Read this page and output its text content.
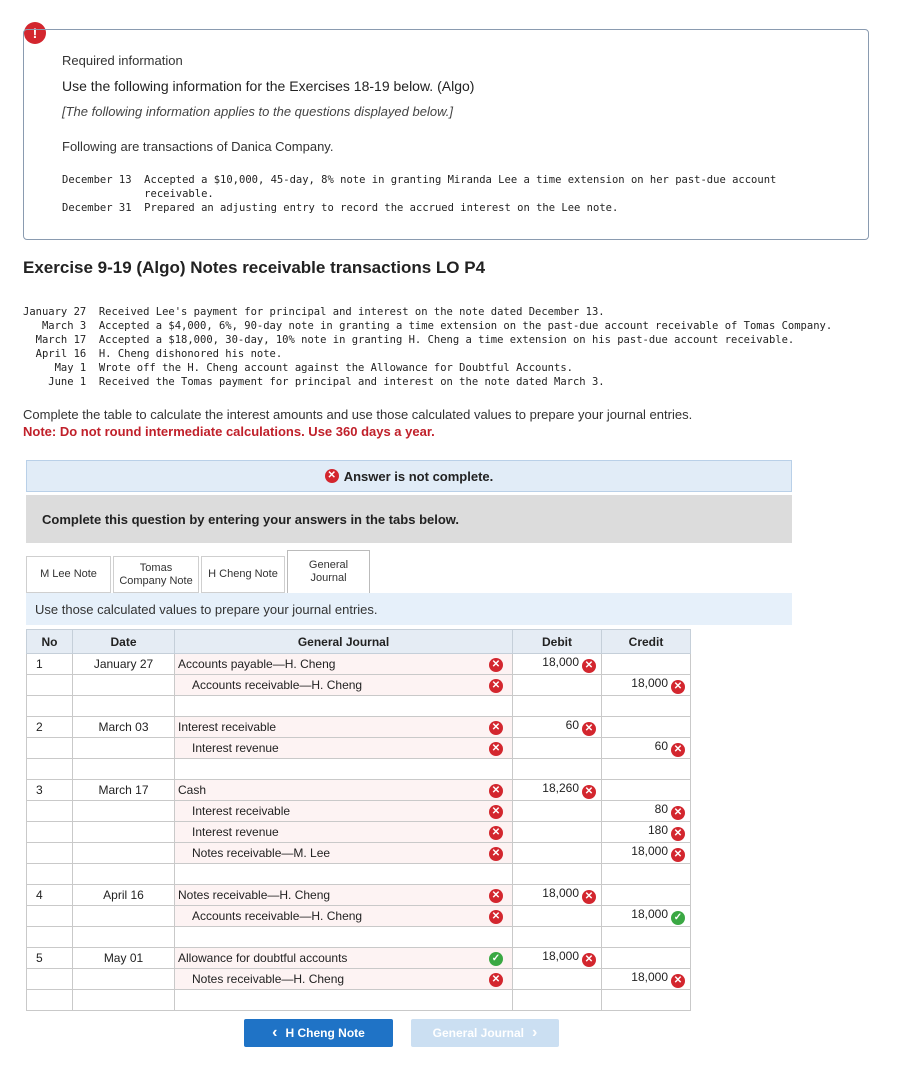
!
Required information
Use the following information for the Exercises 18-19 below. (Algo)
[The following information applies to the questions displayed below.]
Following are transactions of Danica Company.
December 13  Accepted a $10,000, 45-day, 8% note in granting Miranda Lee a time extension on her past-due account
receivable.
December 31  Prepared an adjusting entry to record the accrued interest on the Lee note.
Exercise 9-19 (Algo) Notes receivable transactions LO P4
January 27  Received Lee's payment for principal and interest on the note dated December 13.
March 3  Accepted a $4,000, 6%, 90-day note in granting a time extension on the past-due account receivable of Tomas Company.
March 17  Accepted a $18,000, 30-day, 10% note in granting H. Cheng a time extension on his past-due account receivable.
April 16  H. Cheng dishonored his note.
May 1  Wrote off the H. Cheng account against the Allowance for Doubtful Accounts.
June 1  Received the Tomas payment for principal and interest on the note dated March 3.
Complete the table to calculate the interest amounts and use those calculated values to prepare your journal entries.
Note: Do not round intermediate calculations. Use 360 days a year.
✕ Answer is not complete.
Complete this question by entering your answers in the tabs below.
M Lee Note
Tomas
Company Note
H Cheng Note
General
Journal
Use those calculated values to prepare your journal entries.
No	Date	General Journal	Debit	Credit
1	January 27	Accounts payable—H. Cheng ✕	18,000 ✕	
		Accounts receivable—H. Cheng ✕		18,000 ✕

2	March 03	Interest receivable ✕	60 ✕	
		Interest revenue ✕		60 ✕

3	March 17	Cash ✕	18,260 ✕	
		Interest receivable ✕		80 ✕
		Interest revenue ✕		180 ✕
		Notes receivable—M. Lee ✕		18,000 ✕

4	April 16	Notes receivable—H. Cheng ✕	18,000 ✕	
		Accounts receivable—H. Cheng ✕		18,000 ✓

5	May 01	Allowance for doubtful accounts ✓	18,000 ✕	
		Notes receivable—H. Cheng ✕		18,000 ✕

‹ H Cheng Note	General Journal ›
